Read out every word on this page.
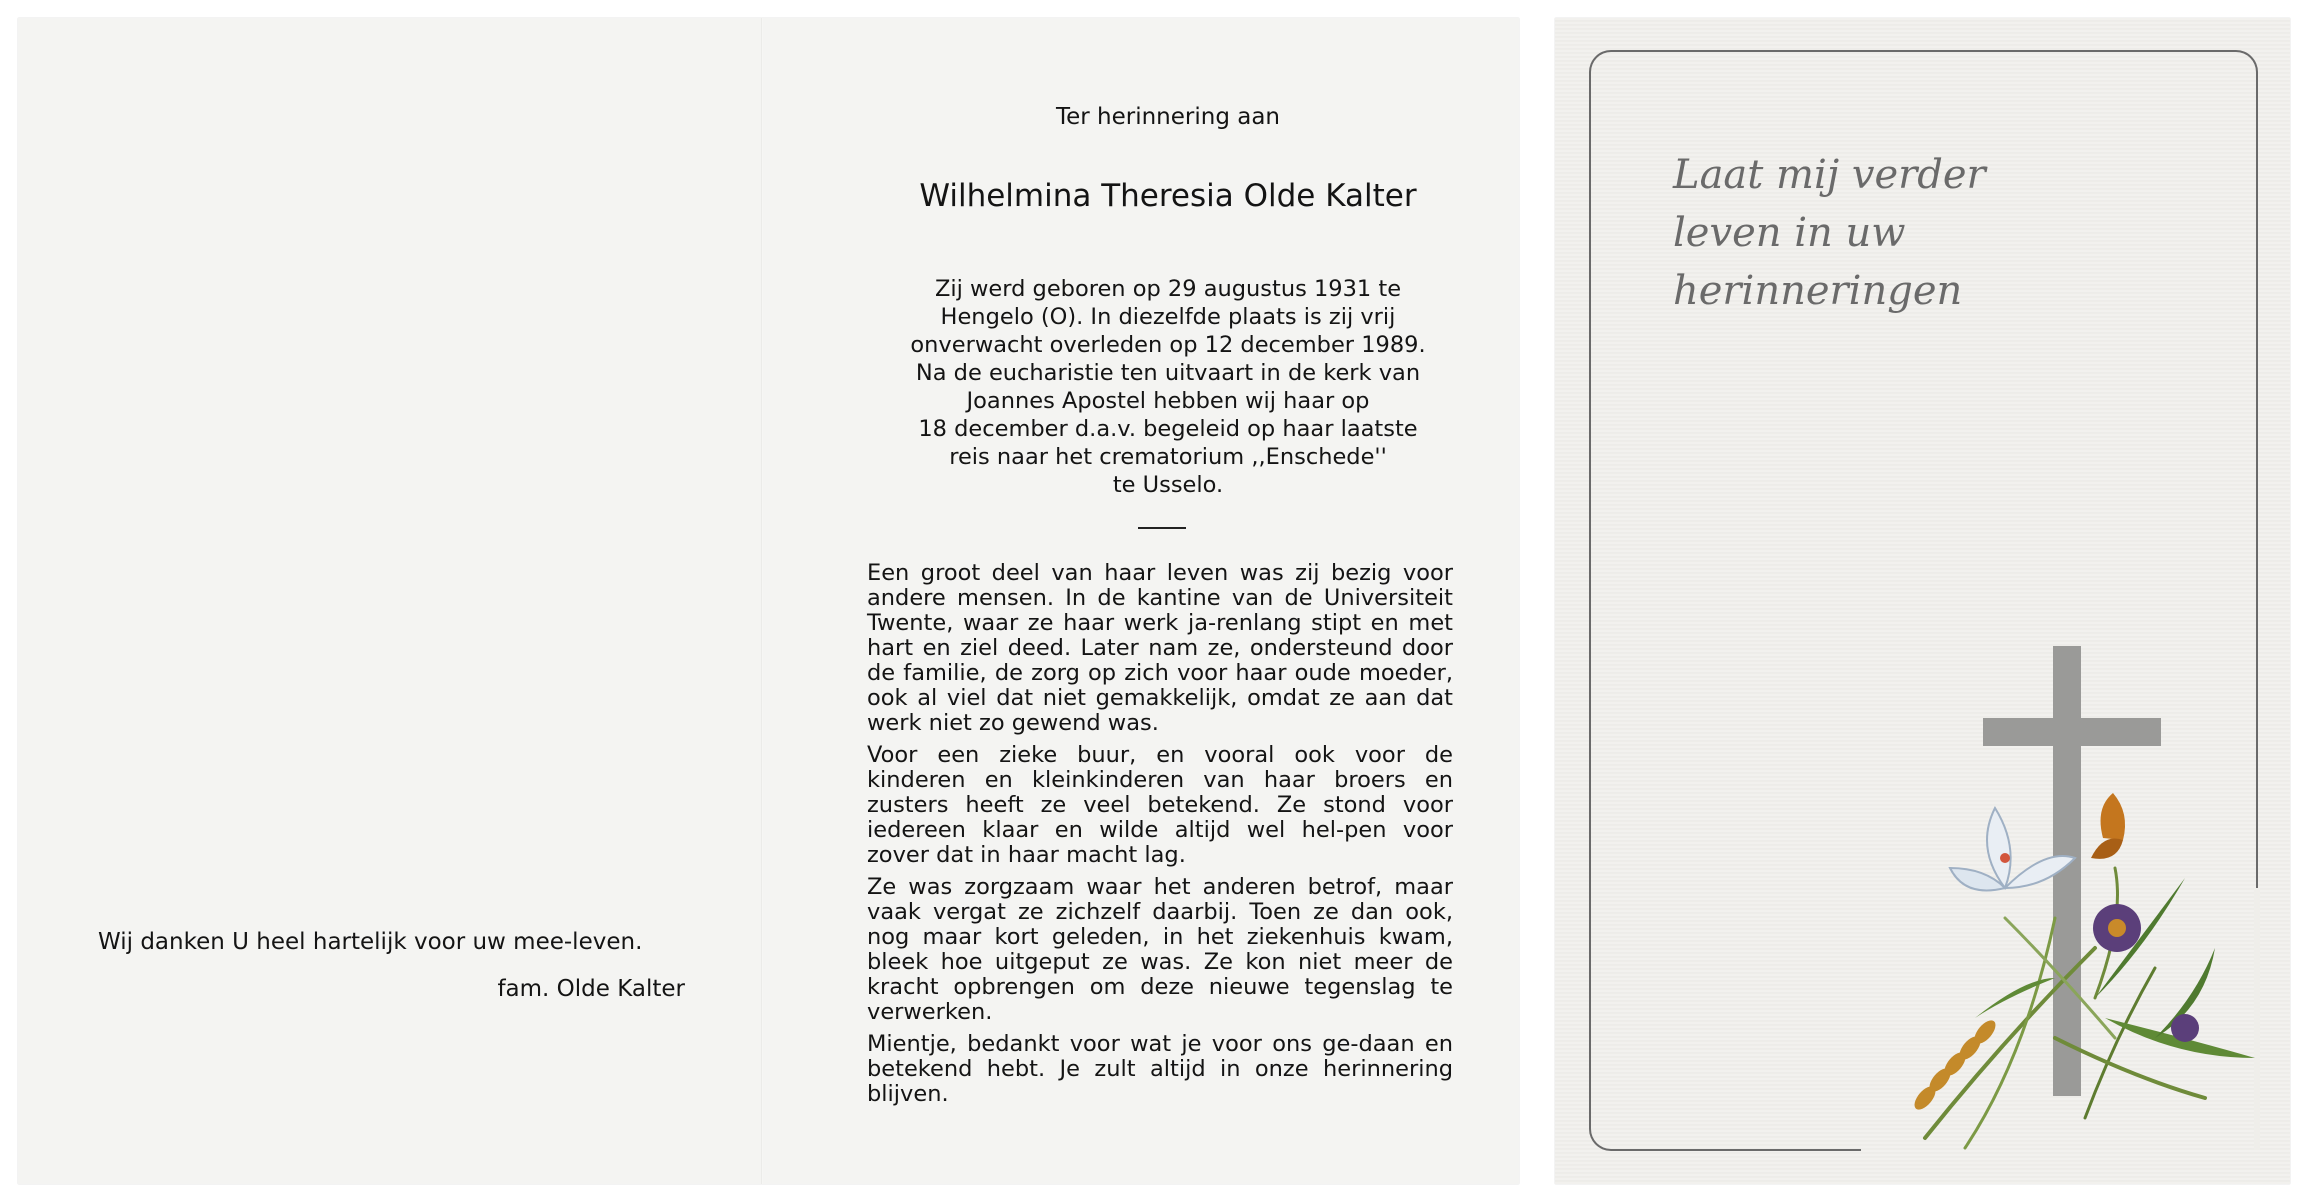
Wij danken U heel hartelijk voor uw mee-leven.
fam. Olde Kalter
Ter herinnering aan
Wilhelmina Theresia Olde Kalter
Zij werd geboren op 29 augustus 1931 te
Hengelo (O). In diezelfde plaats is zij vrij
onverwacht overleden op 12 december 1989.
Na de eucharistie ten uitvaart in de kerk van
Joannes Apostel hebben wij haar op
18 december d.a.v. begeleid op haar laatste
reis naar het crematorium ,,Enschede''
te Usselo.

Een groot deel van haar leven was zij bezig voor andere mensen. In de kantine van de Universiteit Twente, waar ze haar werk ja-renlang stipt en met hart en ziel deed. Later nam ze, ondersteund door de familie, de zorg op zich voor haar oude moeder, ook al viel dat niet gemakkelijk, omdat ze aan dat werk niet zo gewend was.

Voor een zieke buur, en vooral ook voor de kinderen en kleinkinderen van haar broers en zusters heeft ze veel betekend. Ze stond voor iedereen klaar en wilde altijd wel hel-pen voor zover dat in haar macht lag.

Ze was zorgzaam waar het anderen betrof, maar vaak vergat ze zichzelf daarbij. Toen ze dan ook, nog maar kort geleden, in het ziekenhuis kwam, bleek hoe uitgeput ze was. Ze kon niet meer de kracht opbrengen om deze nieuwe tegenslag te verwerken.

Mientje, bedankt voor wat je voor ons ge-daan en betekend hebt. Je zult altijd in onze herinnering blijven.

Laat mij verder
leven in uw
herinneringen
